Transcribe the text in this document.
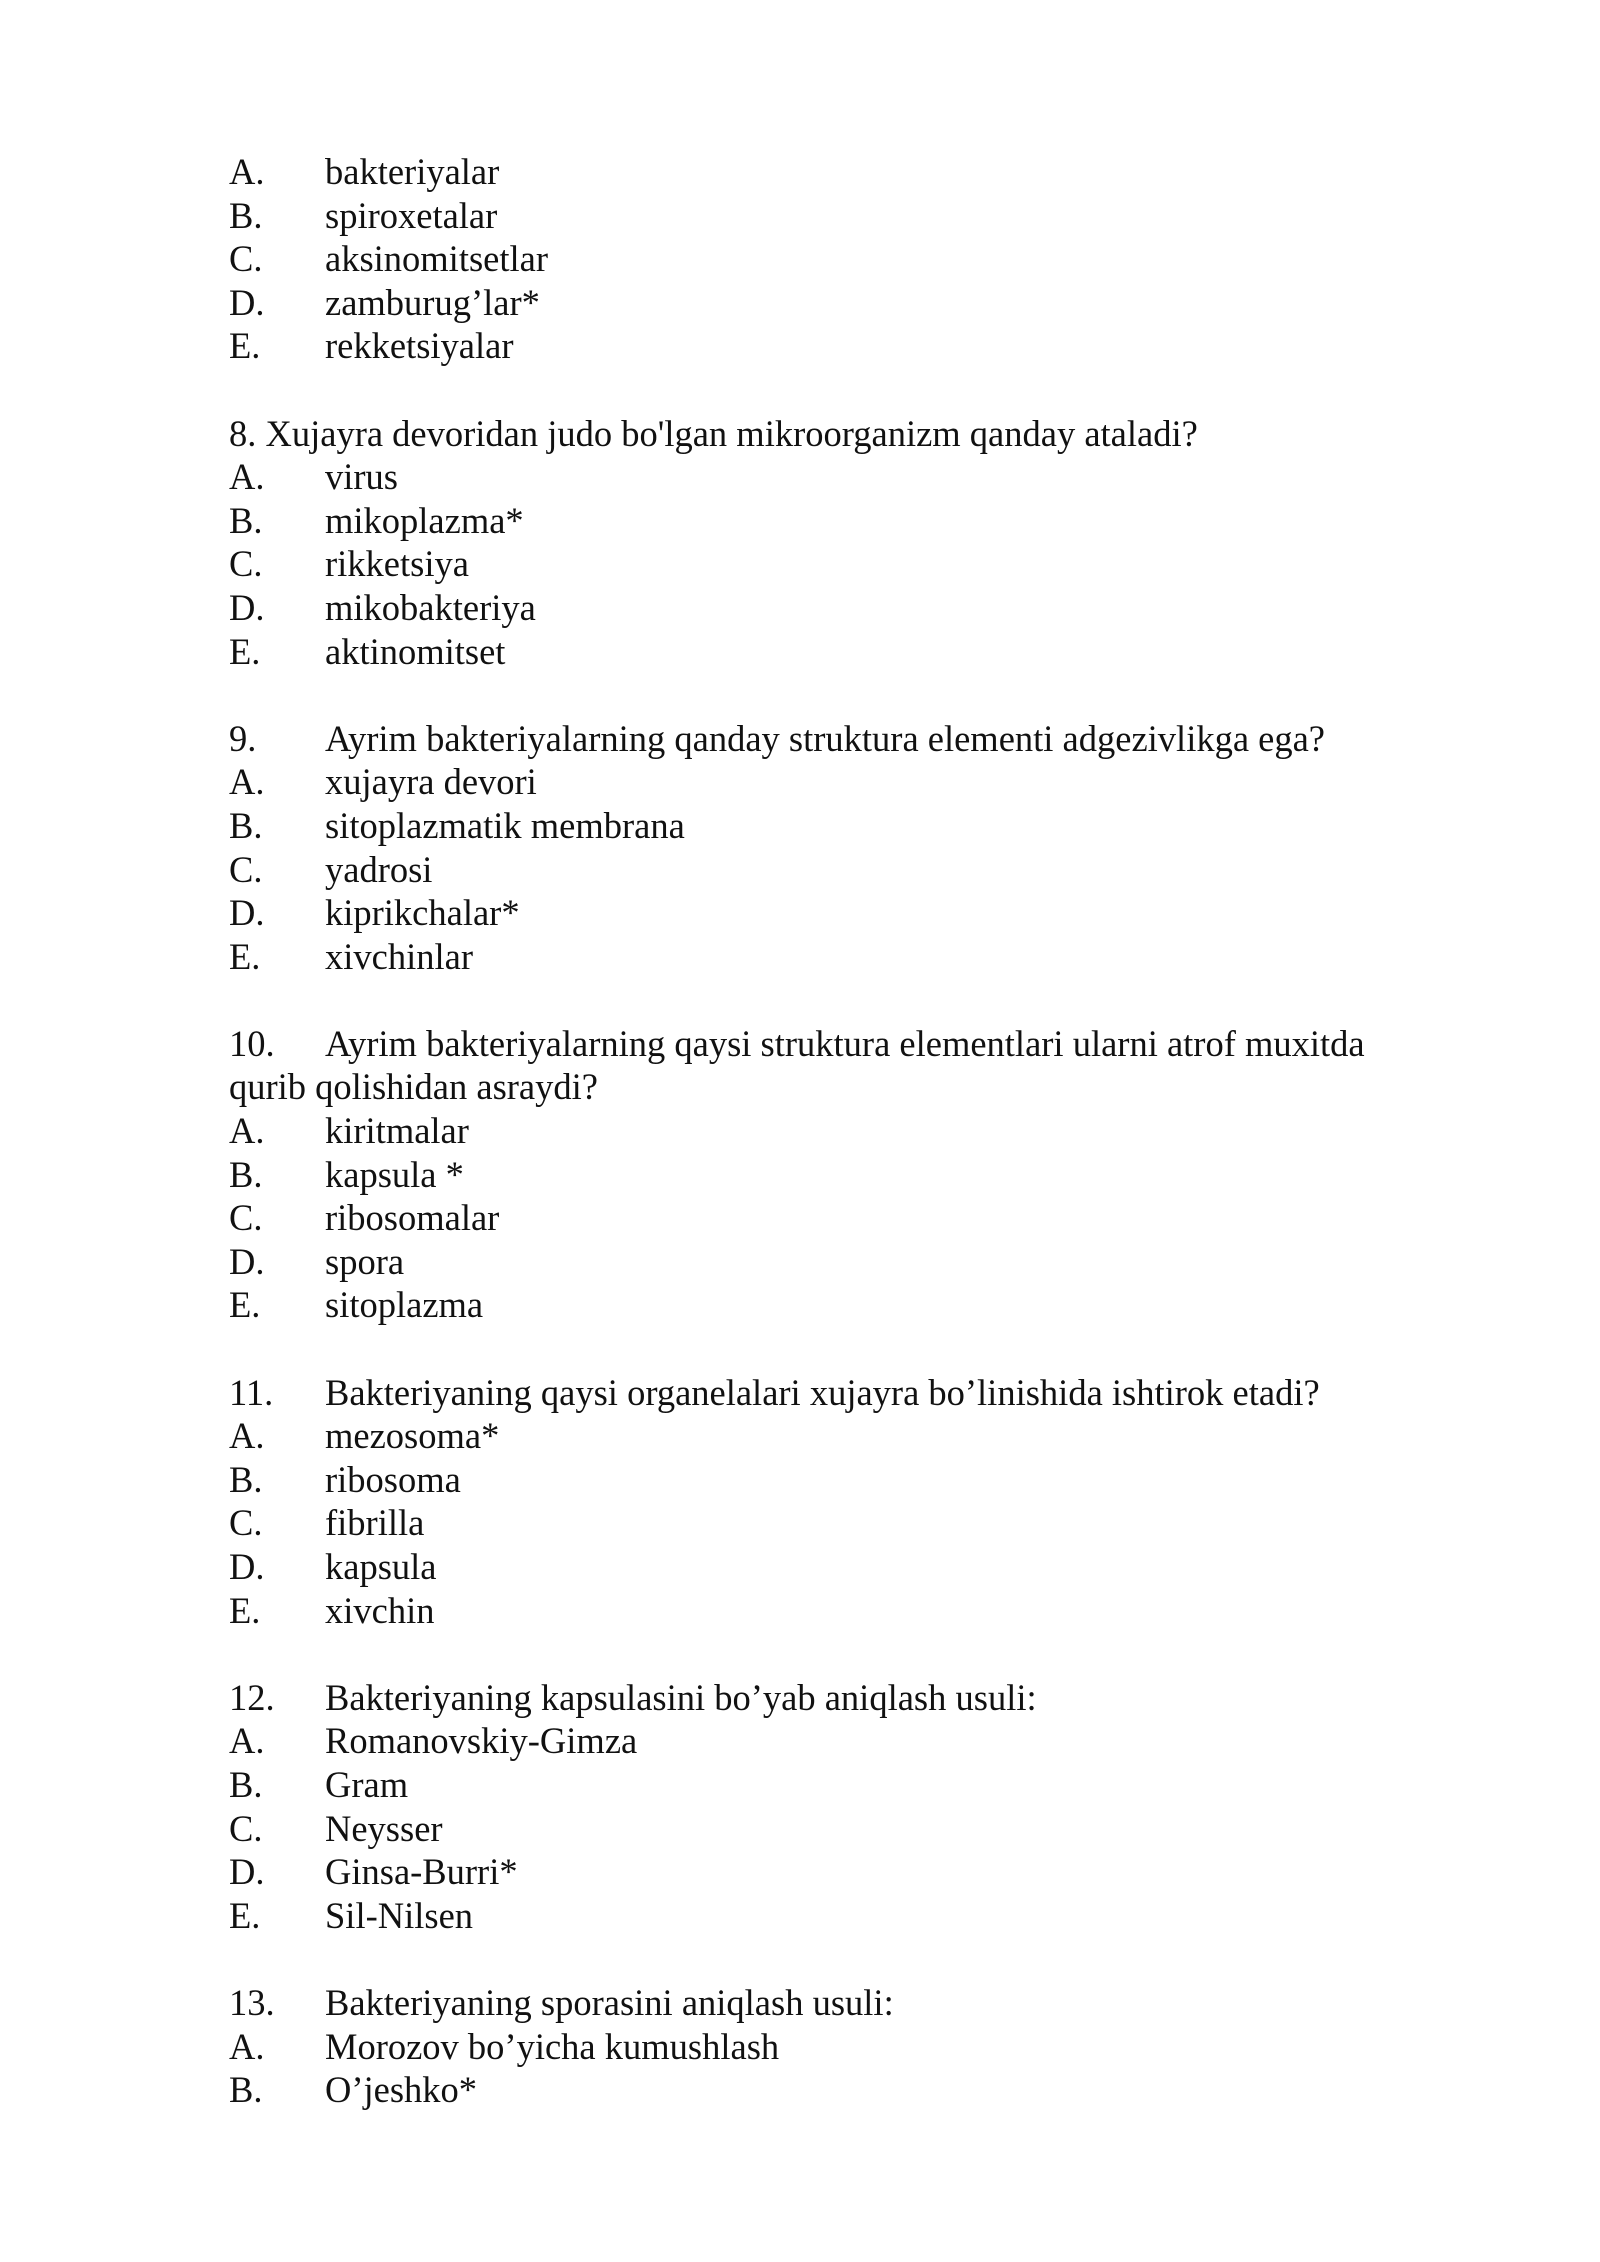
A.	bakteriyalar
B.	spiroxetalar
C.	aksinomitsetlar
D.	zamburug’lar*
E.	rekketsiyalar
8.
Xujayra devoridan judo bo'lgan mikroorganizm qanday ataladi?
A.	virus
B.	mikoplazma*
C.	rikketsiya
D.	mikobakteriya
E.	aktinomitset
9.	Ayrim bakteriyalarning qanday struktura elementi adgezivlikga ega?
A.	xujayra devori
B.	sitoplazmatik membrana
C.	yadrosi
D.	kiprikchalar*
E.	xivchinlar
10.	Ayrim bakteriyalarning qaysi struktura elementlari ularni atrof muxitda
qurib qolishidan asraydi?
A.	kiritmalar
B.	kapsula *
C.	ribosomalar
D.	spora
E.	sitoplazma
11.	Bakteriyaning qaysi organelalari xujayra bo’linishida ishtirok etadi?
A.	mezosoma*
B.	ribosoma
C.	fibrilla
D.	kapsula
E.	xivchin
12.	Bakteriyaning kapsulasini bo’yab aniqlash usuli:
A.	Romanovskiy-Gimza
B.	Gram
C.	Neysser
D.	Ginsa-Burri*
E.	Sil-Nilsen
13.	Bakteriyaning sporasini aniqlash usuli:
A.	Morozov bo’yicha kumushlash
B.	O’jeshko*
